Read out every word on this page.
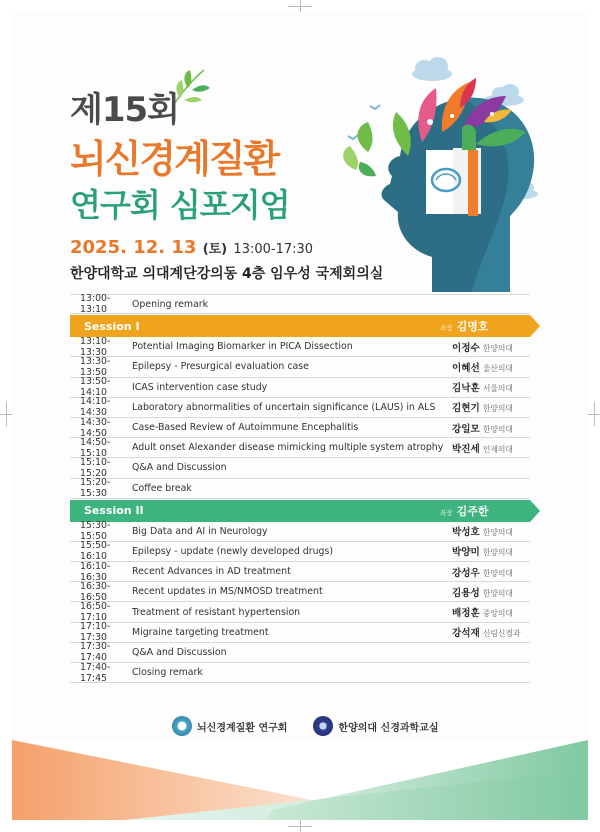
제15회
뇌신경계질환
연구회 심포지엄
2025. 12. 13 (토) 13:00-17:30
한양대학교 의대계단강의동 4층 임우성 국제회의실
13:00-13:10	Opening remark
Session I	좌장 김명호
13:10-13:30	Potential Imaging Biomarker in PICA Dissection	이정수 한양의대
13:30-13:50	Epilepsy - Presurgical evaluation case	이혜선 울산의대
13:50-14:10	ICAS intervention case study	김낙훈 서울의대
14:10-14:30	Laboratory abnormalities of uncertain significance (LAUS) in ALS	김현기 한양의대
14:30-14:50	Case-Based Review of Autoimmune Encephalitis	강일모 한양의대
14:50-15:10	Adult onset Alexander disease mimicking multiple system atrophy 박진세 인제의대
15:10-15:20	Q&A and Discussion
15:20-15:30	Coffee break
Session II	좌장 김주한
15:30-15:50	Big Data and AI in Neurology	박성호 한양의대
15:50-16:10	Epilepsy - update (newly developed drugs)	박양미 한양의대
16:10-16:30	Recent Advances in AD treatment	강성우 한양의대
16:30-16:50	Recent updates in MS/NMOSD treatment	김용성 한양의대
16:50-17:10	Treatment of resistant hypertension	배정훈 중앙의대
17:10-17:30	Migraine targeting treatment	강석재 신림신경과
17:30-17:40	Q&A and Discussion
17:40-17:45	Closing remark
뇌신경계질환 연구회	한양의대 신경과학교실
